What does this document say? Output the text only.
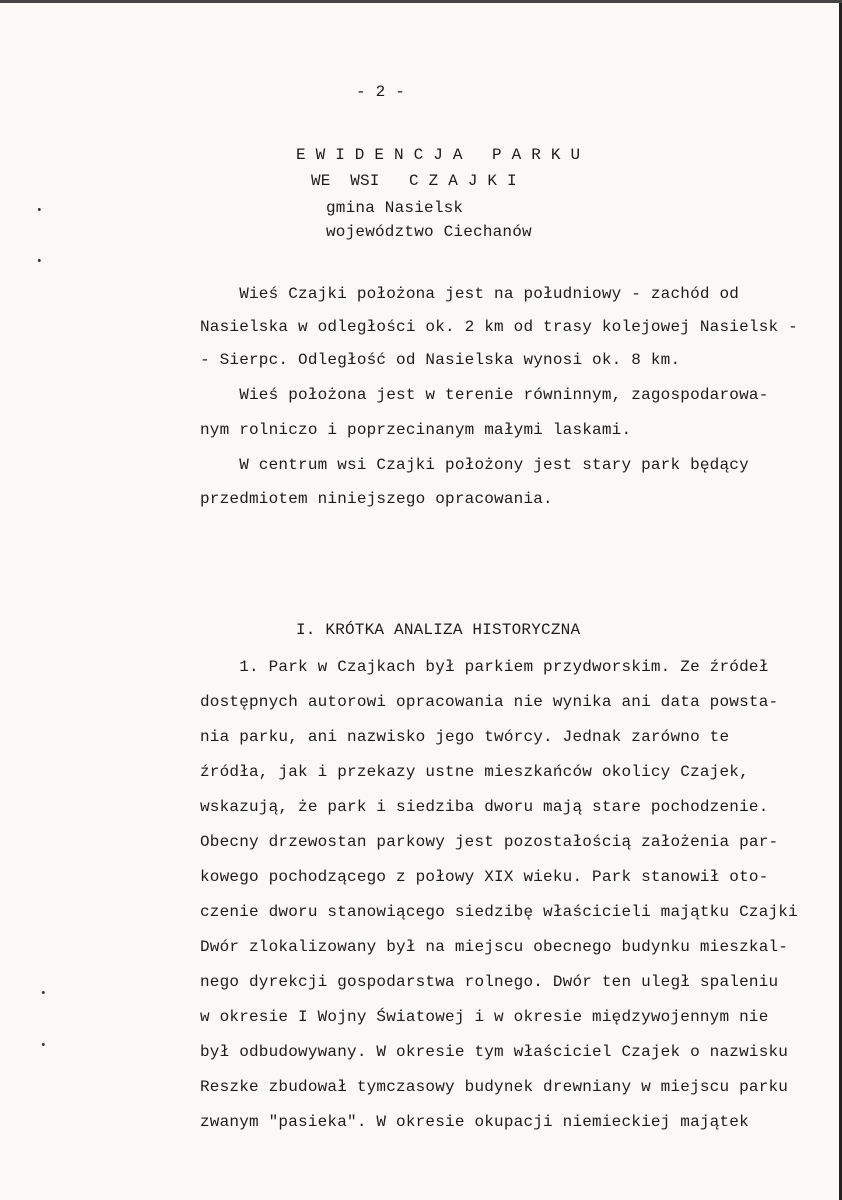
- 2 -
E W I D E N C J A   P A R K U
WE  WSI   C Z A J K I
gmina Nasielsk
województwo Ciechanów
•
•
•
•
Wieś Czajki położona jest na południowy - zachód od
Nasielska w odległości ok. 2 km od trasy kolejowej Nasielsk -
- Sierpc. Odległość od Nasielska wynosi ok. 8 km.
Wieś położona jest w terenie równinnym, zagospodarowa-
nym rolniczo i poprzecinanym małymi laskami.
W centrum wsi Czajki położony jest stary park będący
przedmiotem niniejszego opracowania.
I. KRÓTKA ANALIZA HISTORYCZNA
1. Park w Czajkach był parkiem przydworskim. Ze źródeł
dostępnych autorowi opracowania nie wynika ani data powsta-
nia parku, ani nazwisko jego twórcy. Jednak zarówno te
źródła, jak i przekazy ustne mieszkańców okolicy Czajek,
wskazują, że park i siedziba dworu mają stare pochodzenie.
Obecny drzewostan parkowy jest pozostałością założenia par-
kowego pochodzącego z połowy XIX wieku. Park stanowił oto-
czenie dworu stanowiącego siedzibę właścicieli majątku Czajki
Dwór zlokalizowany był na miejscu obecnego budynku mieszkal-
nego dyrekcji gospodarstwa rolnego. Dwór ten uległ spaleniu
w okresie I Wojny Światowej i w okresie międzywojennym nie
był odbudowywany. W okresie tym właściciel Czajek o nazwisku
Reszke zbudował tymczasowy budynek drewniany w miejscu parku
zwanym "pasieka". W okresie okupacji niemieckiej majątek
